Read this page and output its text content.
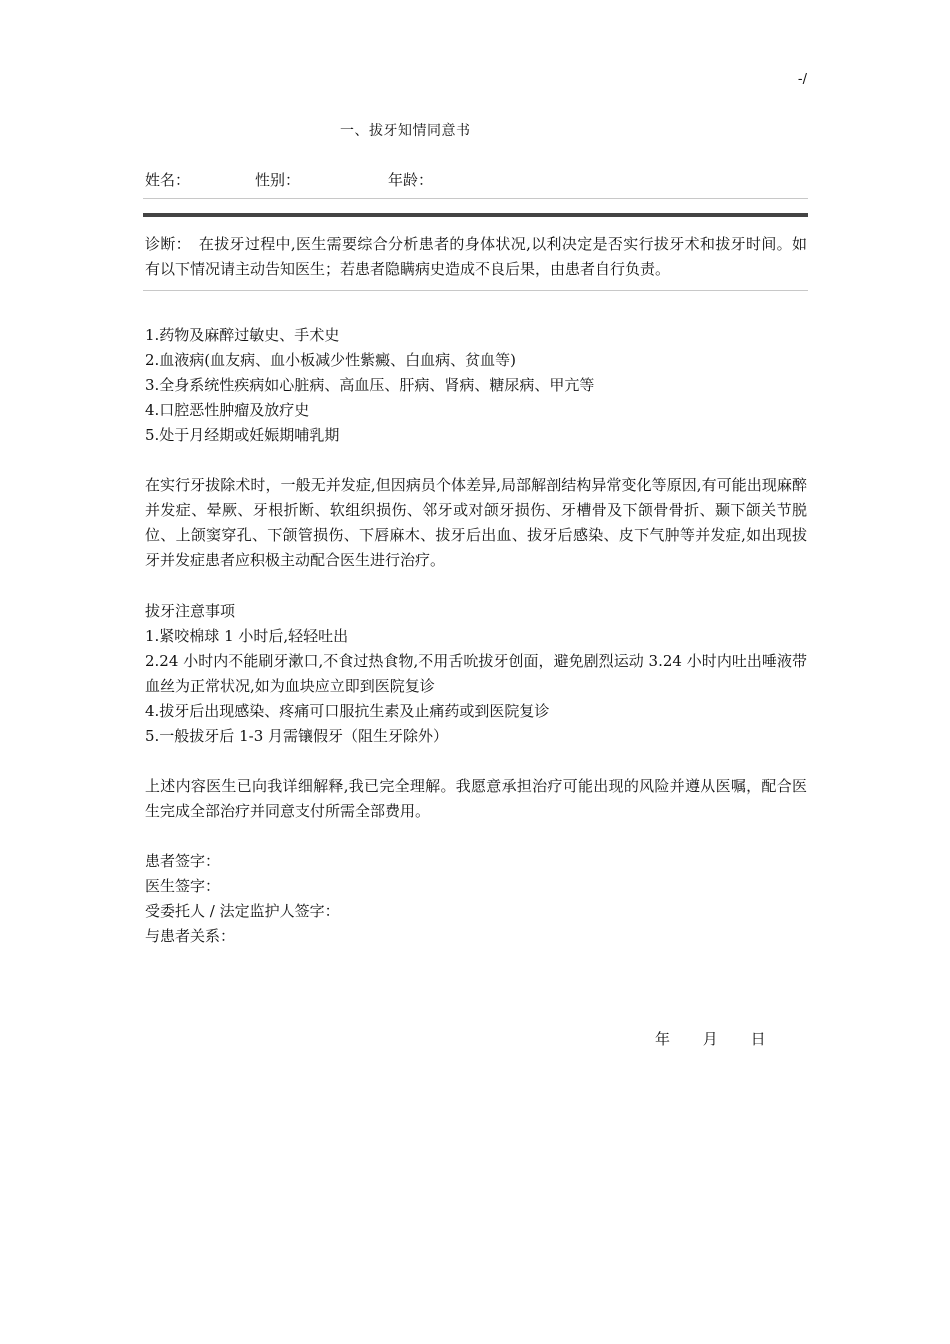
-/
一、拔牙知情同意书
姓名：	性别：	年龄：
诊断：　在拔牙过程中,医生需要综合分析患者的身体状况,以利决定是否实行拔牙术和拔牙时间。如有以下情况请主动告知医生；若患者隐瞒病史造成不良后果，由患者自行负责。
1.药物及麻醉过敏史、手术史
2.血液病(血友病、血小板减少性紫癜、白血病、贫血等)
3.全身系统性疾病如心脏病、高血压、肝病、肾病、糖尿病、甲亢等
4.口腔恶性肿瘤及放疗史
5.处于月经期或妊娠期哺乳期
在实行牙拔除术时，一般无并发症,但因病员个体差异,局部解剖结构异常变化等原因,有可能出现麻醉并发症、晕厥、牙根折断、软组织损伤、邻牙或对颌牙损伤、牙槽骨及下颌骨骨折、颞下颌关节脱位、上颌窦穿孔、下颌管损伤、下唇麻木、拔牙后出血、拔牙后感染、皮下气肿等并发症,如出现拔牙并发症患者应积极主动配合医生进行治疗。
拔牙注意事项
1.紧咬棉球 1 小时后,轻轻吐出
2.24 小时内不能刷牙漱口,不食过热食物,不用舌吮拔牙创面，避免剧烈运动 3.24 小时内吐出唾液带血丝为正常状况,如为血块应立即到医院复诊
4.拔牙后出现感染、疼痛可口服抗生素及止痛药或到医院复诊
5.一般拔牙后 1-3 月需镶假牙（阻生牙除外）
上述内容医生已向我详细解释,我已完全理解。我愿意承担治疗可能出现的风险并遵从医嘱，配合医生完成全部治疗并同意支付所需全部费用。
患者签字：
医生签字：
受委托人 / 法定监护人签字：
与患者关系：
年 月 日
